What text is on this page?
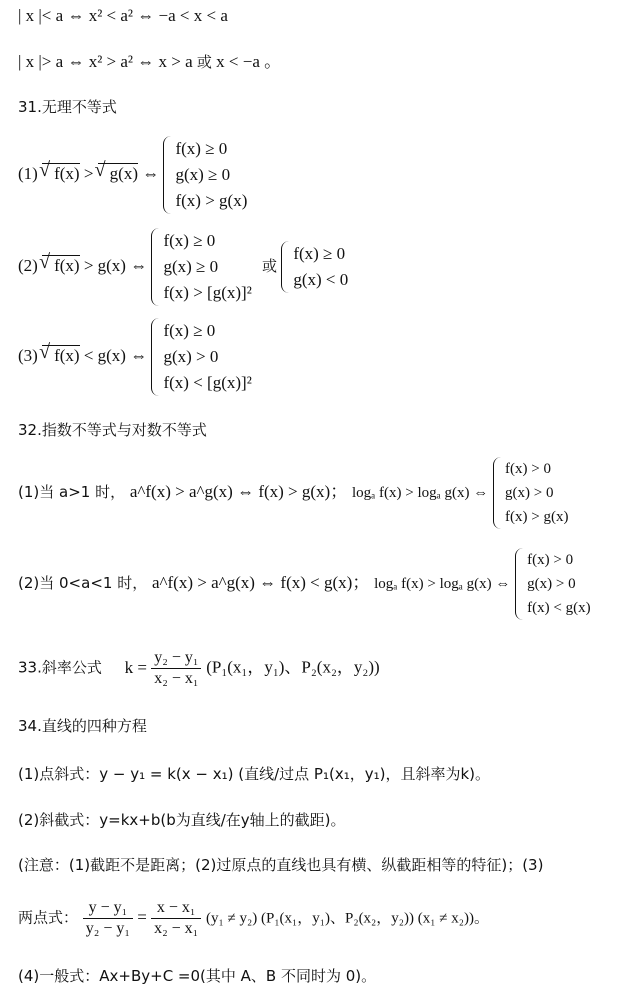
| x |< a ⇔ x² < a² ⇔ −a < x < a
| x |> a ⇔ x² > a² ⇔ x > a 或 x < −a 。
31.无理不等式
(1) √ f(x) > √ g(x) ⇔
f(x) ≥ 0
g(x) ≥ 0
f(x) > g(x)
(2) √ f(x) > g(x) ⇔
f(x) ≥ 0
g(x) ≥ 0
f(x) > [g(x)]²
或
f(x) ≥ 0
g(x) < 0
(3) √ f(x) < g(x) ⇔
f(x) ≥ 0
g(x) > 0
f(x) < [g(x)]²
32.指数不等式与对数不等式
(1)当 a>1 时， a^f(x) > a^g(x) ⇔ f(x) > g(x)； logₐ f(x) > logₐ g(x) ⇔
f(x) > 0
g(x) > 0
f(x) > g(x)
(2)当 0<a<1 时， a^f(x) > a^g(x) ⇔ f(x) < g(x)； logₐ f(x) > logₐ g(x) ⇔
f(x) > 0
g(x) > 0
f(x) < g(x)
33.斜率公式 $k = \frac{\text{y₂ − y₁}}{\text{x₂ − x₁}} (P_1(x_1$，y₁)、P₂(x₂，y₂))
34.直线的四种方程
(1)点斜式：y − y₁ = k(x − x₁) (直线/过点 P₁(x₁，y₁)，且斜率为k)。
(2)斜截式：y=kx+b(b为直线/在y轴上的截距)。
(注意：(1)截距不是距离；(2)过原点的直线也具有横、纵截距相等的特征)；(3)
两点式： $\frac{\text{y − y₁}}{\text{y₂ − y₁}} = \frac{\text{x − x₁}}{\text{x₂ − x₁}} (y_1 \ne y_2)$ (P₁(x₁，y₁)、P₂(x₂，y₂)) (x₁ ≠ x₂))。
(4)一般式：Ax+By+C =0(其中 A、B 不同时为 0)。
